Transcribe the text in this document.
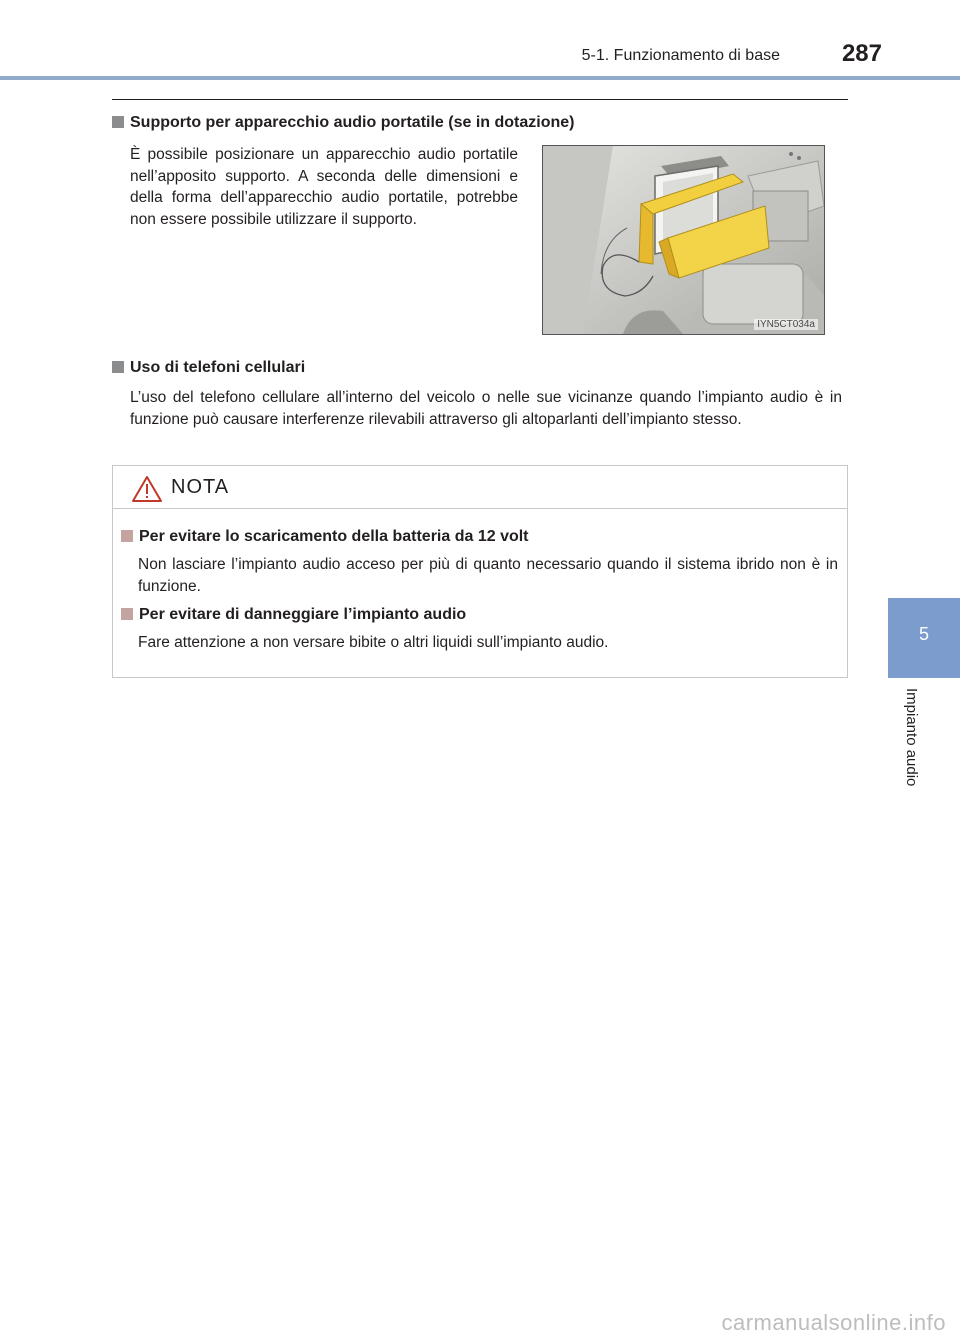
5-1. Funzionamento di base	287
5
Impianto audio
Supporto per apparecchio audio portatile (se in dotazione)
È possibile posizionare un apparecchio audio portatile nell’apposito supporto. A seconda delle dimensioni e della forma dell’apparecchio audio portatile, potrebbe non essere possibile utilizzare il supporto.
IYN5CT034a
Uso di telefoni cellulari
L’uso del telefono cellulare all’interno del veicolo o nelle sue vicinanze quando l’impianto audio è in funzione può causare interferenze rilevabili attraverso gli altoparlanti dell’impianto stesso.
NOTA
Per evitare lo scaricamento della batteria da 12 volt
Non lasciare l’impianto audio acceso per più di quanto necessario quando il sistema ibrido non è in funzione.
Per evitare di danneggiare l’impianto audio
Fare attenzione a non versare bibite o altri liquidi sull’impianto audio.
carmanualsonline.info
